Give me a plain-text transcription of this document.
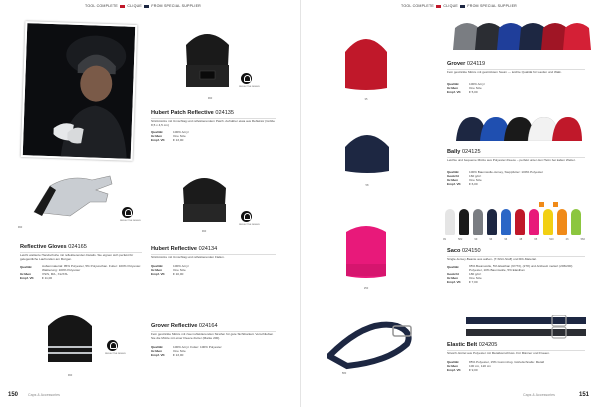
TOOL COMPLETE	CLIQUE	FROM SPECIAL SUPPLIER
REFLECTIVE DESIGN
990
Hubert Patch Reflective 024135
Strickmütze mit Umschlag und reflektierendem Patch. Aufnäher etwa aus Reflektor (Größe 8,5 x 4,5 cm)
Qualität	100% Acryl
Größen	One Size
Empf. VK	€ 13,00
REFLECTIVE DESIGN
990
REFLECTIVE DESIGN
990
Reflective Gloves 024165
Leicht wattierte Handschuhe mit reflektierenden Details. Sie eignen sich perfekt für gelegentliche Laufrunden am Morgen.
Qualität	Außenmaterial: 95% Polyester, 5% Polyurethan. Futter: 100% Polyester. Wattierung: 100% Polyester
Größen	XS/S, M/L, XL/XXL
Empf. VK	€ 11,00
Hubert Reflective 024134
Strickmütze mit Umschlag und reflektierenden Fäden.
Qualität	100% Acryl
Größen	One Size
Empf. VK	€ 10,00
REFLECTIVE DESIGN
990
Grover Reflective 024164
Fein gestrickte Mütze mit zwei reflektierenden Streifen für gute Sichtbarkeit. Verschließen Sie die Mütze mit einer Fleece-Futter (Marke 200).
Qualität	100% Acryl. Futter: 100% Polyester
Größen	One Size
Empf. VK	€ 13,00
150	Caps & Accessories
TOOL COMPLETE	CLIQUE	FROM SPECIAL SUPPLIER
35
Grover 024119
Fein gestrickte Mütze mit gestricktem Saum — leichte Qualität für Laufen und Walk.
Qualität	100% Acryl
Größen	One Size
Empf. VK	€ 5,00
58
Bally 024125
Leichte und bequeme Mütze aus Polyester-Fleece – perfekt unter den Helm bei kalten Wetter.
Qualität	100% Baumwolle-Jersey, Steppfutter: 100% Polyester
Gewicht	160 g/m²
Größen	One Size
Empf. VK	€ 6,00
250
99	582	99	96	96	48	95	520	26	582
Saco 024150
Single-Jersey-Beanie aus außen- (T-Shirt-Stoff) und Rib-Material.
Qualität	95% Baumwolle, 5% Elasthan (97/73), (278) und Antbeutt meliert (206/200) Polyester, 10% Baumwolle, 5% Elasthan
Gewicht	180 g/m²
Größen	One Size
Empf. VK	€ 7,00
580
Elastic Belt 024205
Stretch-Gürtel aus Polyester mit Metallverschluss. Für Männer und Frauen.
Qualität	85% Polyester, 15% Gummizug. Gürtelschnalle: Metall
Größen	100 cm, 120 cm
Empf. VK	€ 9,00
Caps & Accessories	151
